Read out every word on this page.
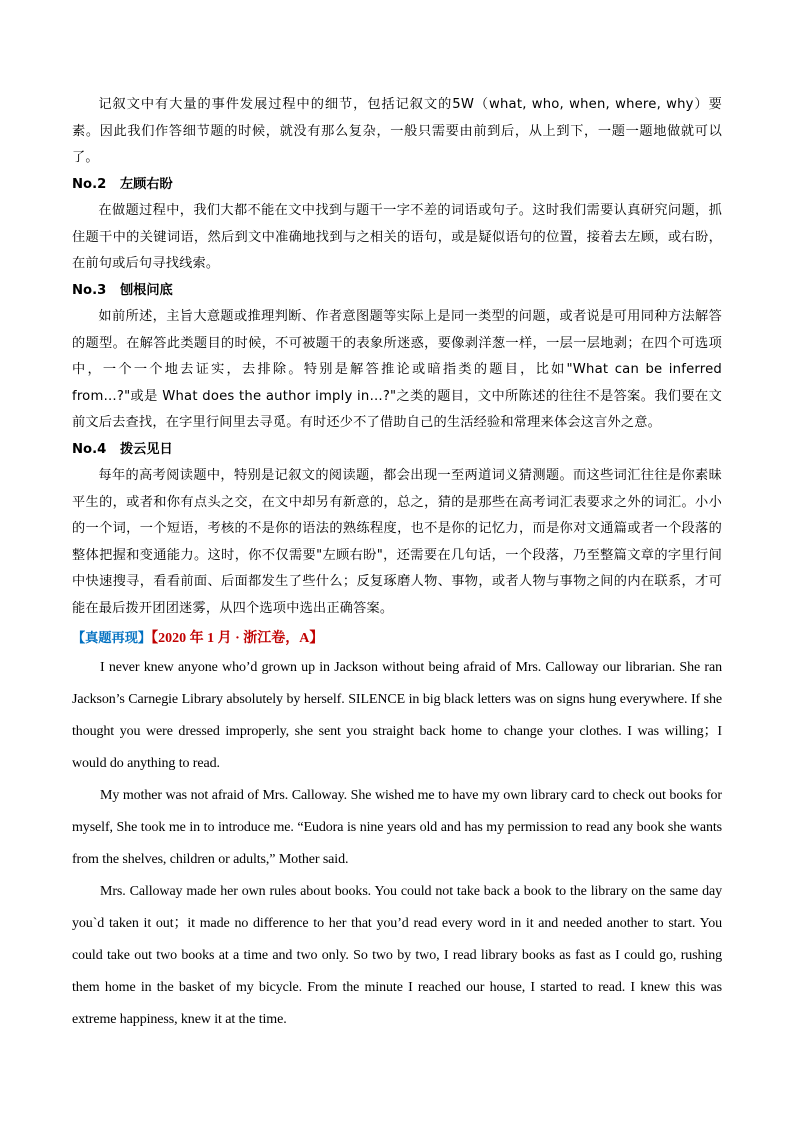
记叙文中有大量的事件发展过程中的细节，包括记叙文的5W（what, who, when, where, why）要素。因此我们作答细节题的时候，就没有那么复杂，一般只需要由前到后，从上到下，一题一题地做就可以了。

No.2 左顾右盼

在做题过程中，我们大都不能在文中找到与题干一字不差的词语或句子。这时我们需要认真研究问题，抓住题干中的关键词语，然后到文中准确地找到与之相关的语句，或是疑似语句的位置，接着去左顾，或右盼，在前句或后句寻找线索。

No.3 刨根问底

如前所述，主旨大意题或推理判断、作者意图题等实际上是同一类型的问题，或者说是可用同种方法解答的题型。在解答此类题目的时候，不可被题干的表象所迷惑，要像剥洋葱一样，一层一层地剥；在四个可选项中，一个一个地去证实，去排除。特别是解答推论或暗指类的题目，比如"What can be inferred from…?"或是 What does the author imply in…?"之类的题目，文中所陈述的往往不是答案。我们要在文前文后去查找，在字里行间里去寻觅。有时还少不了借助自己的生活经验和常理来体会这言外之意。

No.4 拨云见日

每年的高考阅读题中，特别是记叙文的阅读题，都会出现一至两道词义猜测题。而这些词汇往往是你素昧平生的，或者和你有点头之交，在文中却另有新意的，总之，猜的是那些在高考词汇表要求之外的词汇。小小的一个词，一个短语，考核的不是你的语法的熟练程度，也不是你的记忆力，而是你对文通篇或者一个段落的整体把握和变通能力。这时，你不仅需要"左顾右盼"，还需要在几句话，一个段落，乃至整篇文章的字里行间中快速搜寻，看看前面、后面都发生了些什么；反复琢磨人物、事物，或者人物与事物之间的内在联系，才可能在最后拨开团团迷雾，从四个选项中选出正确答案。

【真题再现】【2020 年 1 月 · 浙江卷，A】

I never knew anyone who’d grown up in Jackson without being afraid of Mrs. Calloway our librarian. She ran Jackson’s Carnegie Library absolutely by herself. SILENCE in big black letters was on signs hung everywhere. If she thought you were dressed improperly, she sent you straight back home to change your clothes. I was willing；I would do anything to read.

My mother was not afraid of Mrs. Calloway. She wished me to have my own library card to check out books for myself, She took me in to introduce me. “Eudora is nine years old and has my permission to read any book she wants from the shelves, children or adults,” Mother said.

Mrs. Calloway made her own rules about books. You could not take back a book to the library on the same day you`d taken it out；it made no difference to her that you’d read every word in it and needed another to start. You could take out two books at a time and two only. So two by two, I read library books as fast as I could go, rushing them home in the basket of my bicycle. From the minute I reached our house, I started to read. I knew this was extreme happiness, knew it at the time.
